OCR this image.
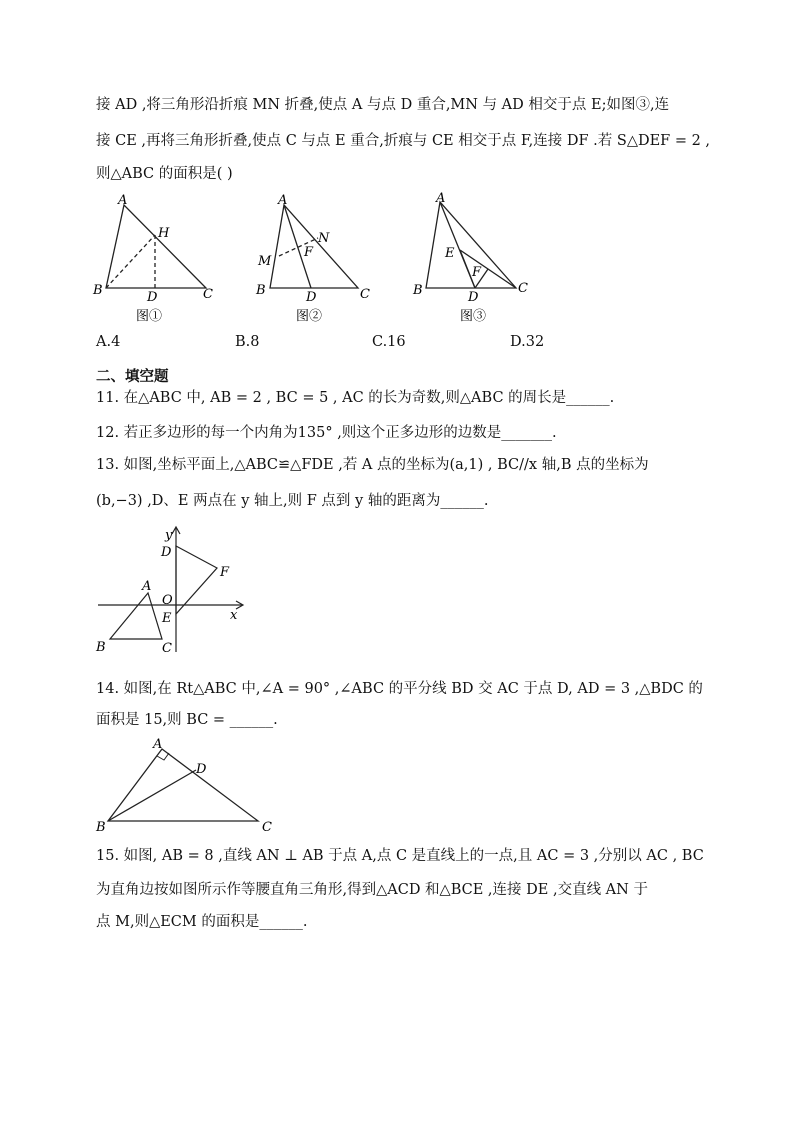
接 AD ,将三角形沿折痕 MN 折叠,使点 A 与点 D 重合,MN 与 AD 相交于点 E;如图③,连
接 CE ,再将三角形折叠,使点 C 与点 E 重合,折痕与 CE 相交于点 F,连接 DF .若 S△DEF = 2 ,
则△ABC 的面积是( )
A
H
B	D	C
图①
A
N
F
M
B	D	C
图②
A
E
F
B	D
C
图③
A.4	B.8	C.16	D.32
二、填空题
11. 在△ABC 中, AB = 2 , BC = 5 , AC 的长为奇数,则△ABC 的周长是______.
12. 若正多边形的每一个内角为135° ,则这个正多边形的边数是_______.
13. 如图,坐标平面上,△ABC≌△FDE ,若 A 点的坐标为(a,1) , BC//x 轴,B 点的坐标为
(b,−3) ,D、E 两点在 y 轴上,则 F 点到 y 轴的距离为______.
y
x
D
F
O
E
A
B	C
14. 如图,在 Rt△ABC 中,∠A = 90° ,∠ABC 的平分线 BD 交 AC 于点 D, AD = 3 ,△BDC 的
面积是 15,则 BC = ______.
A
D
B	C
15. 如图, AB = 8 ,直线 AN ⊥ AB 于点 A,点 C 是直线上的一点,且 AC = 3 ,分别以 AC , BC
为直角边按如图所示作等腰直角三角形,得到△ACD 和△BCE ,连接 DE ,交直线 AN 于
点 M,则△ECM 的面积是______.
